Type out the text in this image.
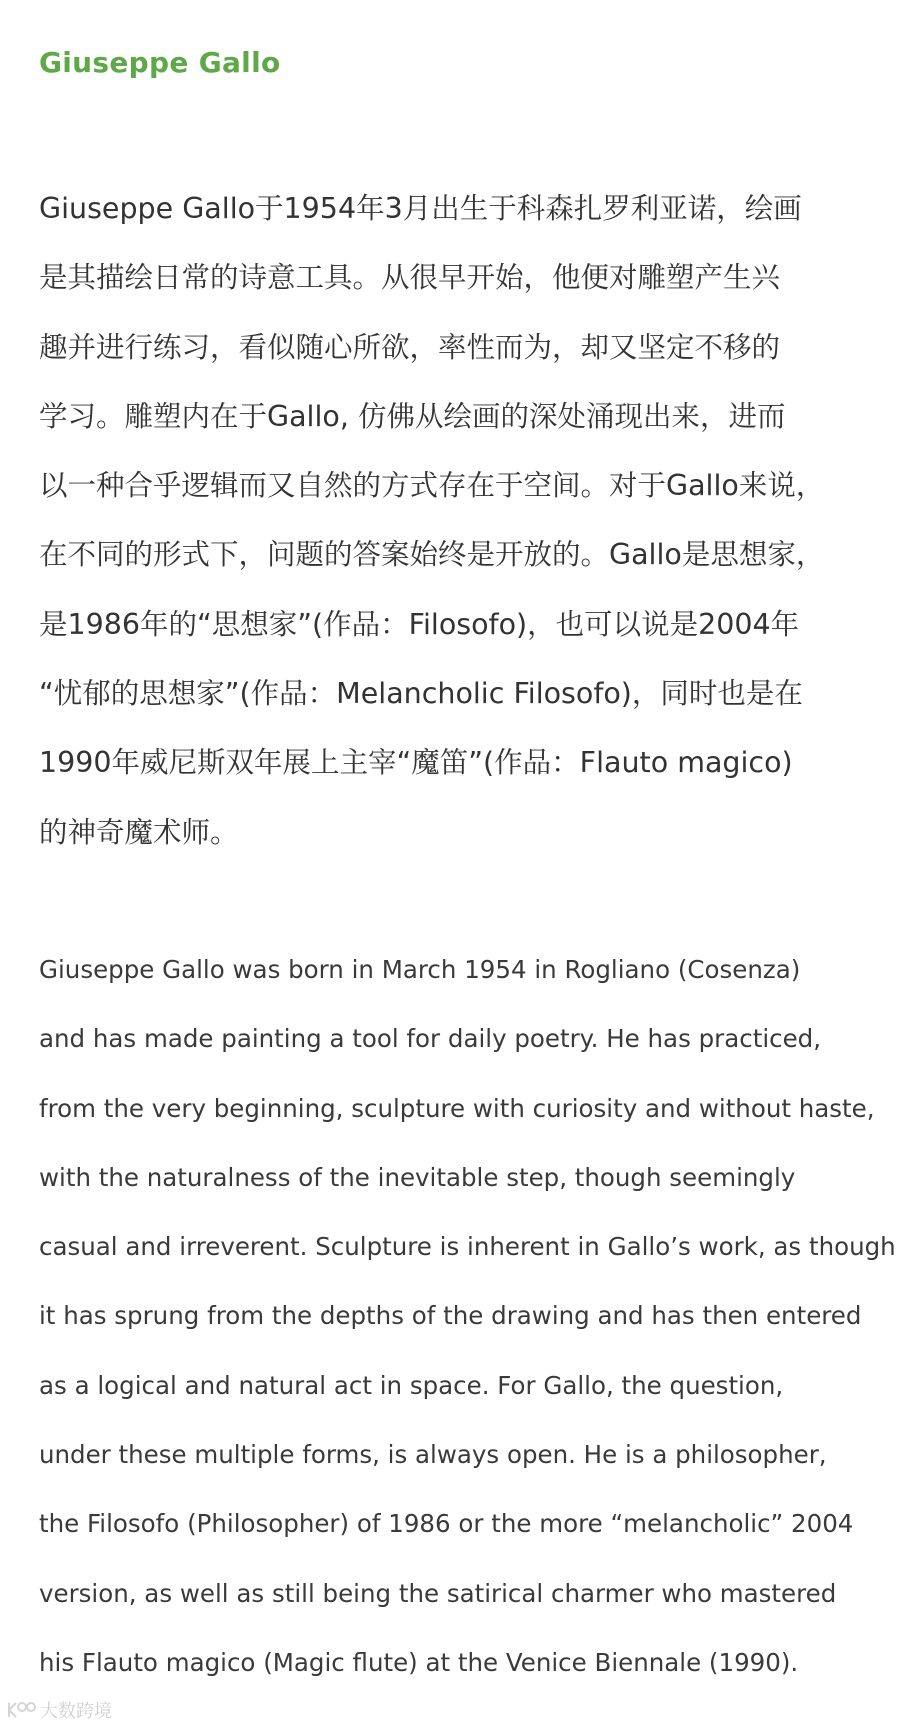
Giuseppe Gallo

Giuseppe Gallo于1954年3月出生于科森扎罗利亚诺，绘画
是其描绘日常的诗意工具。从很早开始，他便对雕塑产生兴
趣并进行练习，看似随心所欲，率性而为，却又坚定不移的
学习。雕塑内在于Gallo, 仿佛从绘画的深处涌现出来，进而
以一种合乎逻辑而又自然的方式存在于空间。对于Gallo来说，
在不同的形式下，问题的答案始终是开放的。Gallo是思想家，
是1986年的“思想家”(作品：Filosofo)，也可以说是2004年
“忧郁的思想家”(作品：Melancholic Filosofo)，同时也是在
1990年威尼斯双年展上主宰“魔笛”(作品：Flauto magico)
的神奇魔术师。

Giuseppe Gallo was born in March 1954 in Rogliano (Cosenza)
and has made painting a tool for daily poetry. He has practiced,
from the very beginning, sculpture with curiosity and without haste,
with the naturalness of the inevitable step, though seemingly
casual and irreverent. Sculpture is inherent in Gallo’s work, as though
it has sprung from the depths of the drawing and has then entered
as a logical and natural act in space. For Gallo, the question,
under these multiple forms, is always open. He is a philosopher,
the Filosofo (Philosopher) of 1986 or the more “melancholic” 2004
version, as well as still being the satirical charmer who mastered
his Flauto magico (Magic flute) at the Venice Biennale (1990).

大数跨境
